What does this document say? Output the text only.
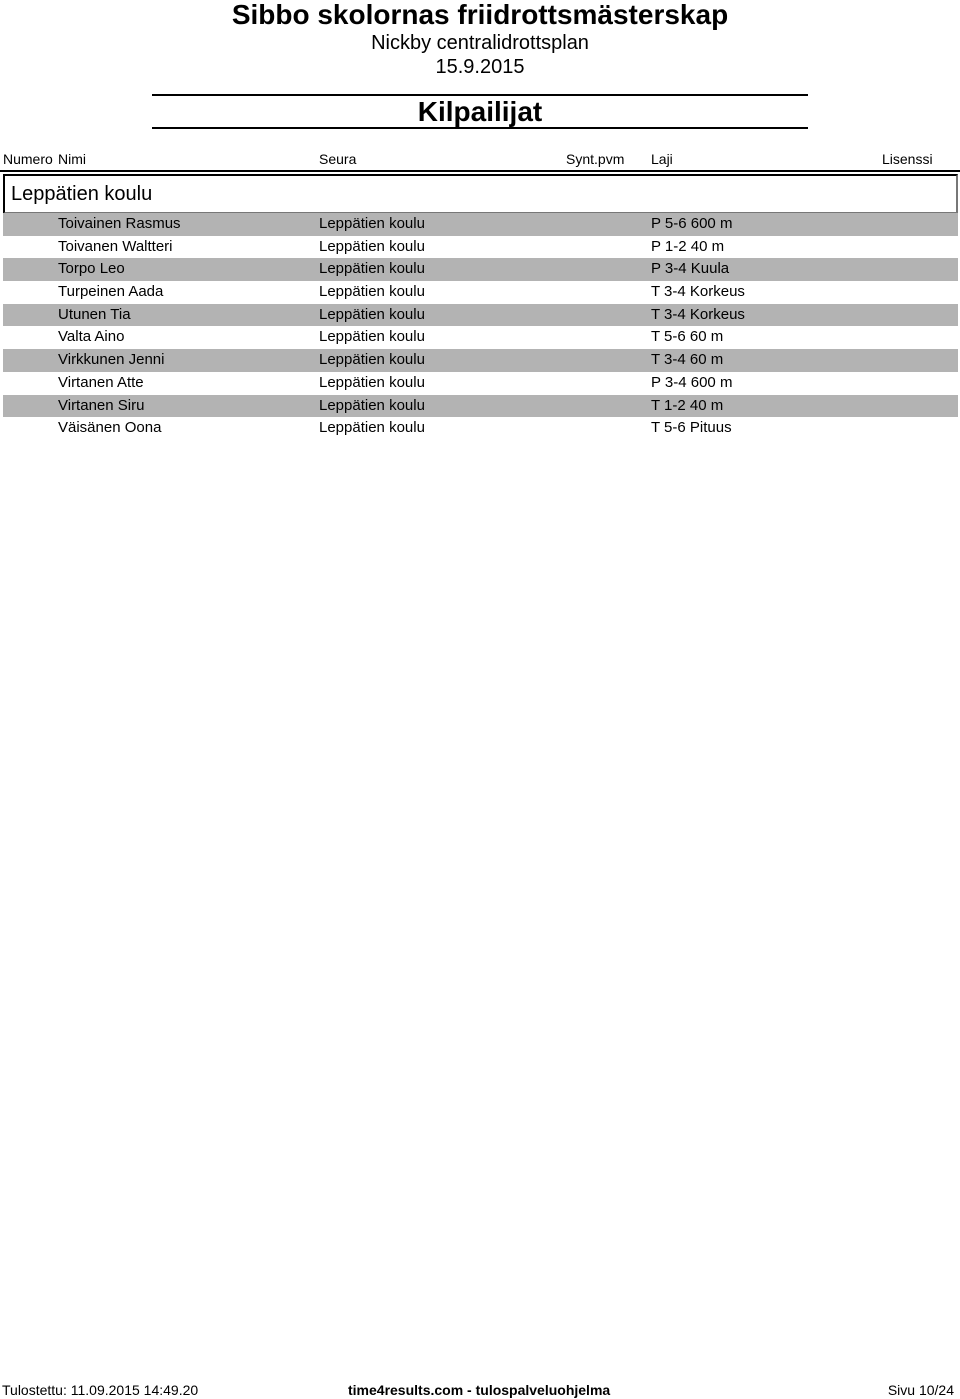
Sibbo skolornas friidrottsmästerskap
Nickby centralidrottsplan
15.9.2015
Kilpailijat
Numero Nimi	Seura	Synt.pvm Laji	Lisenssi
Leppätien koulu
Toivainen Rasmus	Leppätien koulu	P 5-6 600 m
Toivanen Waltteri	Leppätien koulu	P 1-2 40 m
Torpo Leo	Leppätien koulu	P 3-4 Kuula
Turpeinen Aada	Leppätien koulu	T 3-4 Korkeus
Utunen Tia	Leppätien koulu	T 3-4 Korkeus
Valta Aino	Leppätien koulu	T 5-6 60 m
Virkkunen Jenni	Leppätien koulu	T 3-4 60 m
Virtanen Atte	Leppätien koulu	P 3-4 600 m
Virtanen Siru	Leppätien koulu	T 1-2 40 m
Väisänen Oona	Leppätien koulu	T 5-6 Pituus
Tulostettu: 11.09.2015 14:49.20	time4results.com - tulospalveluohjelma	Sivu 10/24
